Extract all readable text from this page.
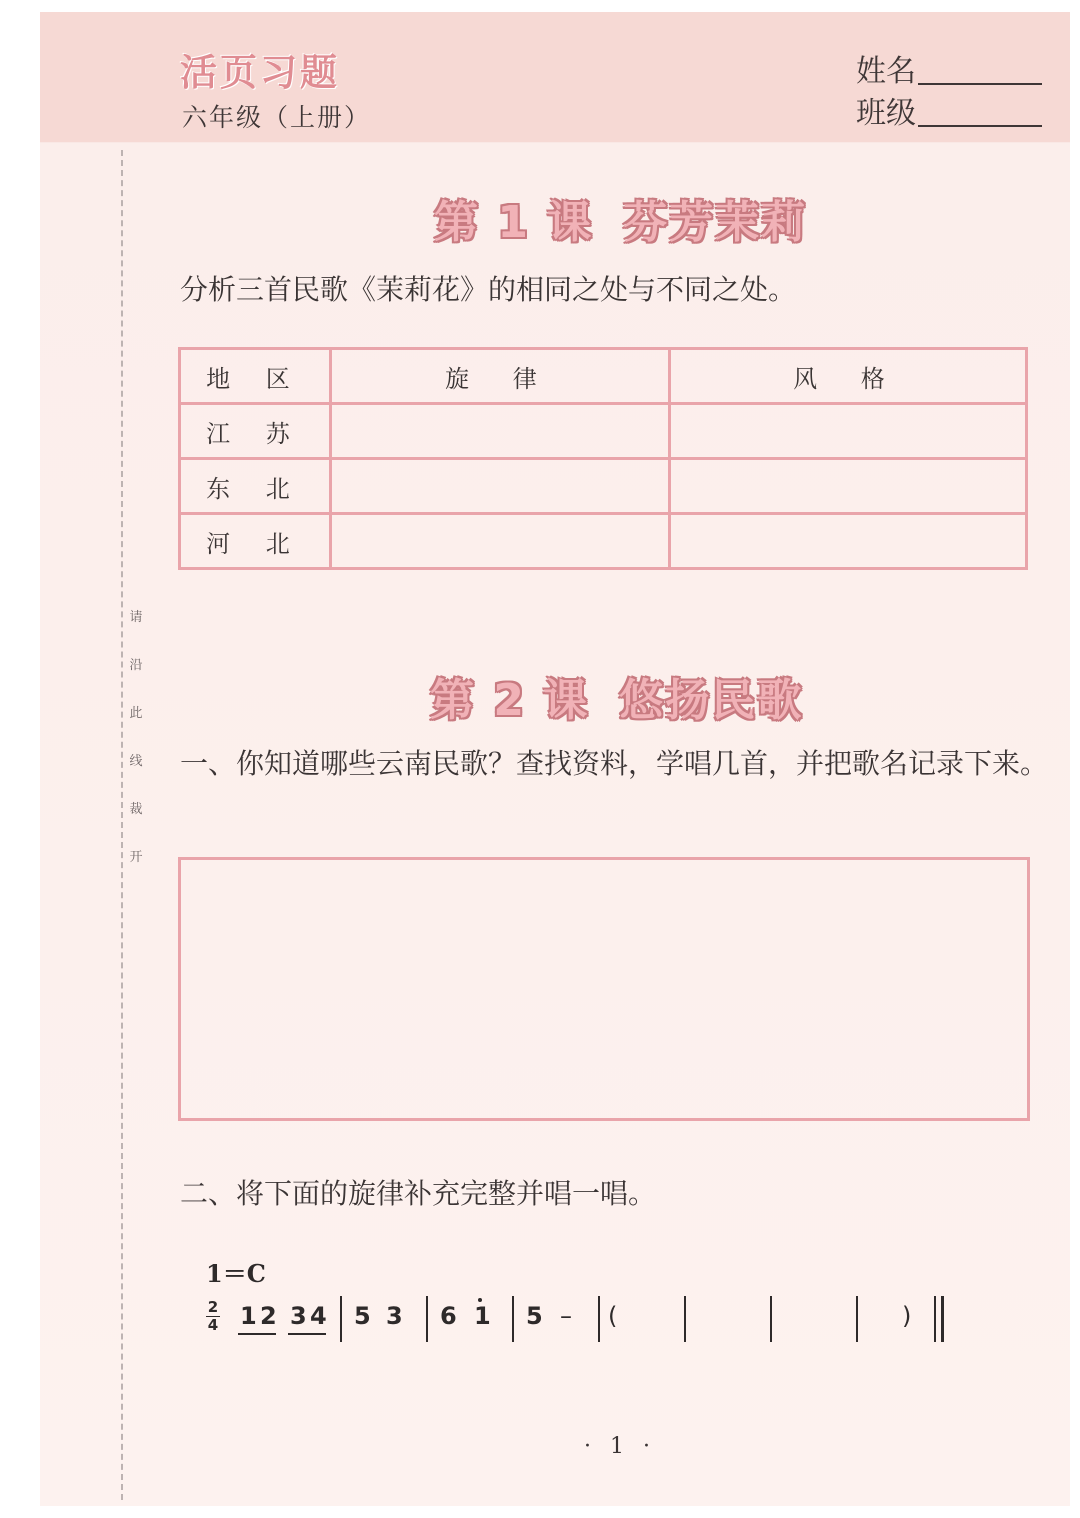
请
沿
此
线
裁
开
活页习题
六年级（上册）
姓名
班级
第 1 课 芬芳茉莉
分析三首民歌《茉莉花》的相同之处与不同之处。
地 区	旋 律	风 格
江 苏		
东 北		
河 北		
第 2 课 悠扬民歌
一、你知道哪些云南民歌？查找资料，学唱几首，并把歌名记录下来。
二、将下面的旋律补充完整并唱一唱。
1＝C
2
4 1 2 3 4 5 3 6 1 5 – (	)
· 1 ·
